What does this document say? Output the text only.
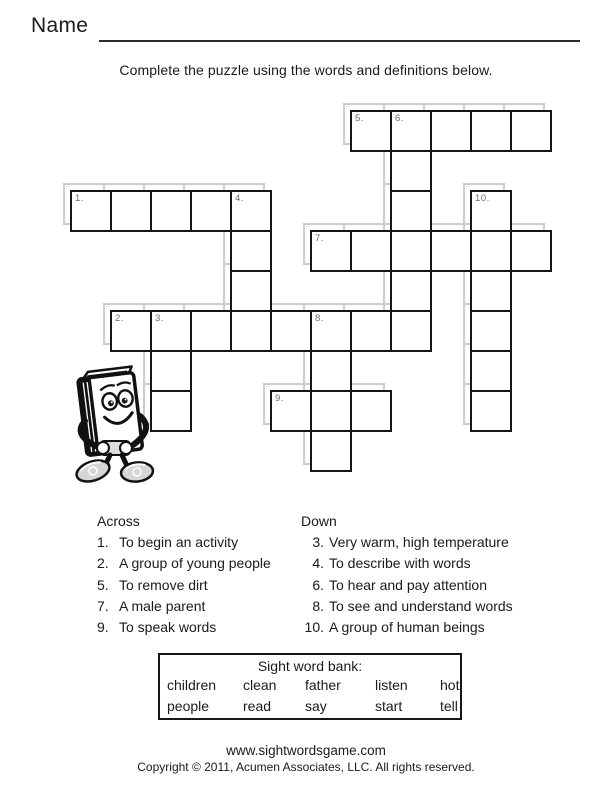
Name
Complete the puzzle using the words and definitions below.
5.	6.
1.	4.	10.
7.
2.	3.	8.
9.
Across
1. To begin an activity
2. A group of young people
5. To remove dirt
7. A male parent
9. To speak words
Down
3. Very warm, high temperature
4. To describe with words
6. To hear and pay attention
8. To see and understand words
10. A group of human beings
Sight word bank:
children	clean	father	listen	hot
people	read	say	start	tell
www.sightwordsgame.com
Copyright © 2011, Acumen Associates, LLC. All rights reserved.
